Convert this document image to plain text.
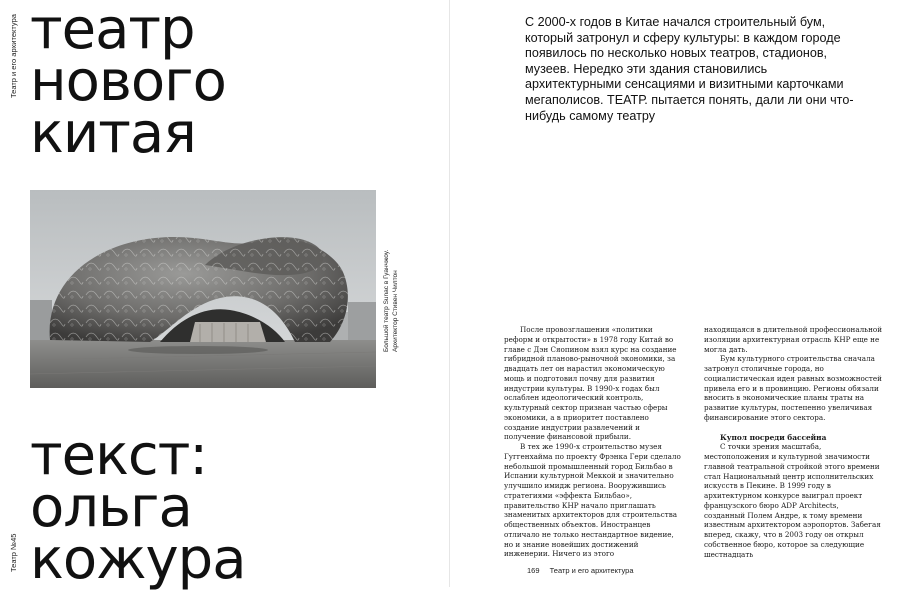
Театр и его архитектура
Театр №45
театр
нового
китая
Большой театр Sunac в Гуанчжоу. Архитектор Стивен Чилтон
текст:
ольга
кожура

С 2000-х годов в Китае начался строительный бум, который затронул и сферу культуры: в каждом городе появилось по несколько новых театров, стадионов, музеев. Нередко эти здания становились архитектурными сенсациями и визитными карточками мегаполисов. ТЕАТР. пытается понять, дали ли они что-нибудь самому театру

После провозглашения «политики реформ и открытости» в 1978 году Китай во главе с Дэн Сяопином взял курс на создание гибридной планово-рыночной экономики, за двадцать лет он нарастил экономическую мощь и подготовил почву для развития индустрии культуры. В 1990-х годах был ослаблен идеологический контроль, культурный сектор признан частью сферы экономики, а в приоритет поставлено создание индустрии развлечений и получение финансовой прибыли.

В тех же 1990-х строительство музея Гуггенхайма по проекту Фрэнка Гери сделало небольшой промышленный город Бильбао в Испании культурной Меккой и значительно улучшило имидж региона. Вооружившись стратегиями «эффекта Бильбао», правительство КНР начало приглашать знаменитых архитекторов для строительства общественных объектов. Иностранцев отличало не только нестандартное видение, но и знание новейших достижений инженерии. Ничего из этого

находящаяся в длительной профессиональной изоляции архитектурная отрасль КНР еще не могла дать.

Бум культурного строительства сначала затронул столичные города, но социалистическая идея равных возможностей привела его и в провинцию. Регионы обязали вносить в экономические планы траты на развитие культуры, постепенно увеличивая финансирование этого сектора.

Купол посреди бассейна

С точки зрения масштаба, местоположения и культурной значимости главной театральной стройкой этого времени стал Национальный центр исполнительских искусств в Пекине. В 1999 году в архитектурном конкурсе выиграл проект французского бюро ADP Architects, созданный Полем Андре, к тому времени известным архитектором аэропортов. Забегая вперед, скажу, что в 2003 году он открыл собственное бюро, которое за следующие шестнадцать

169 Театр и его архитектура
